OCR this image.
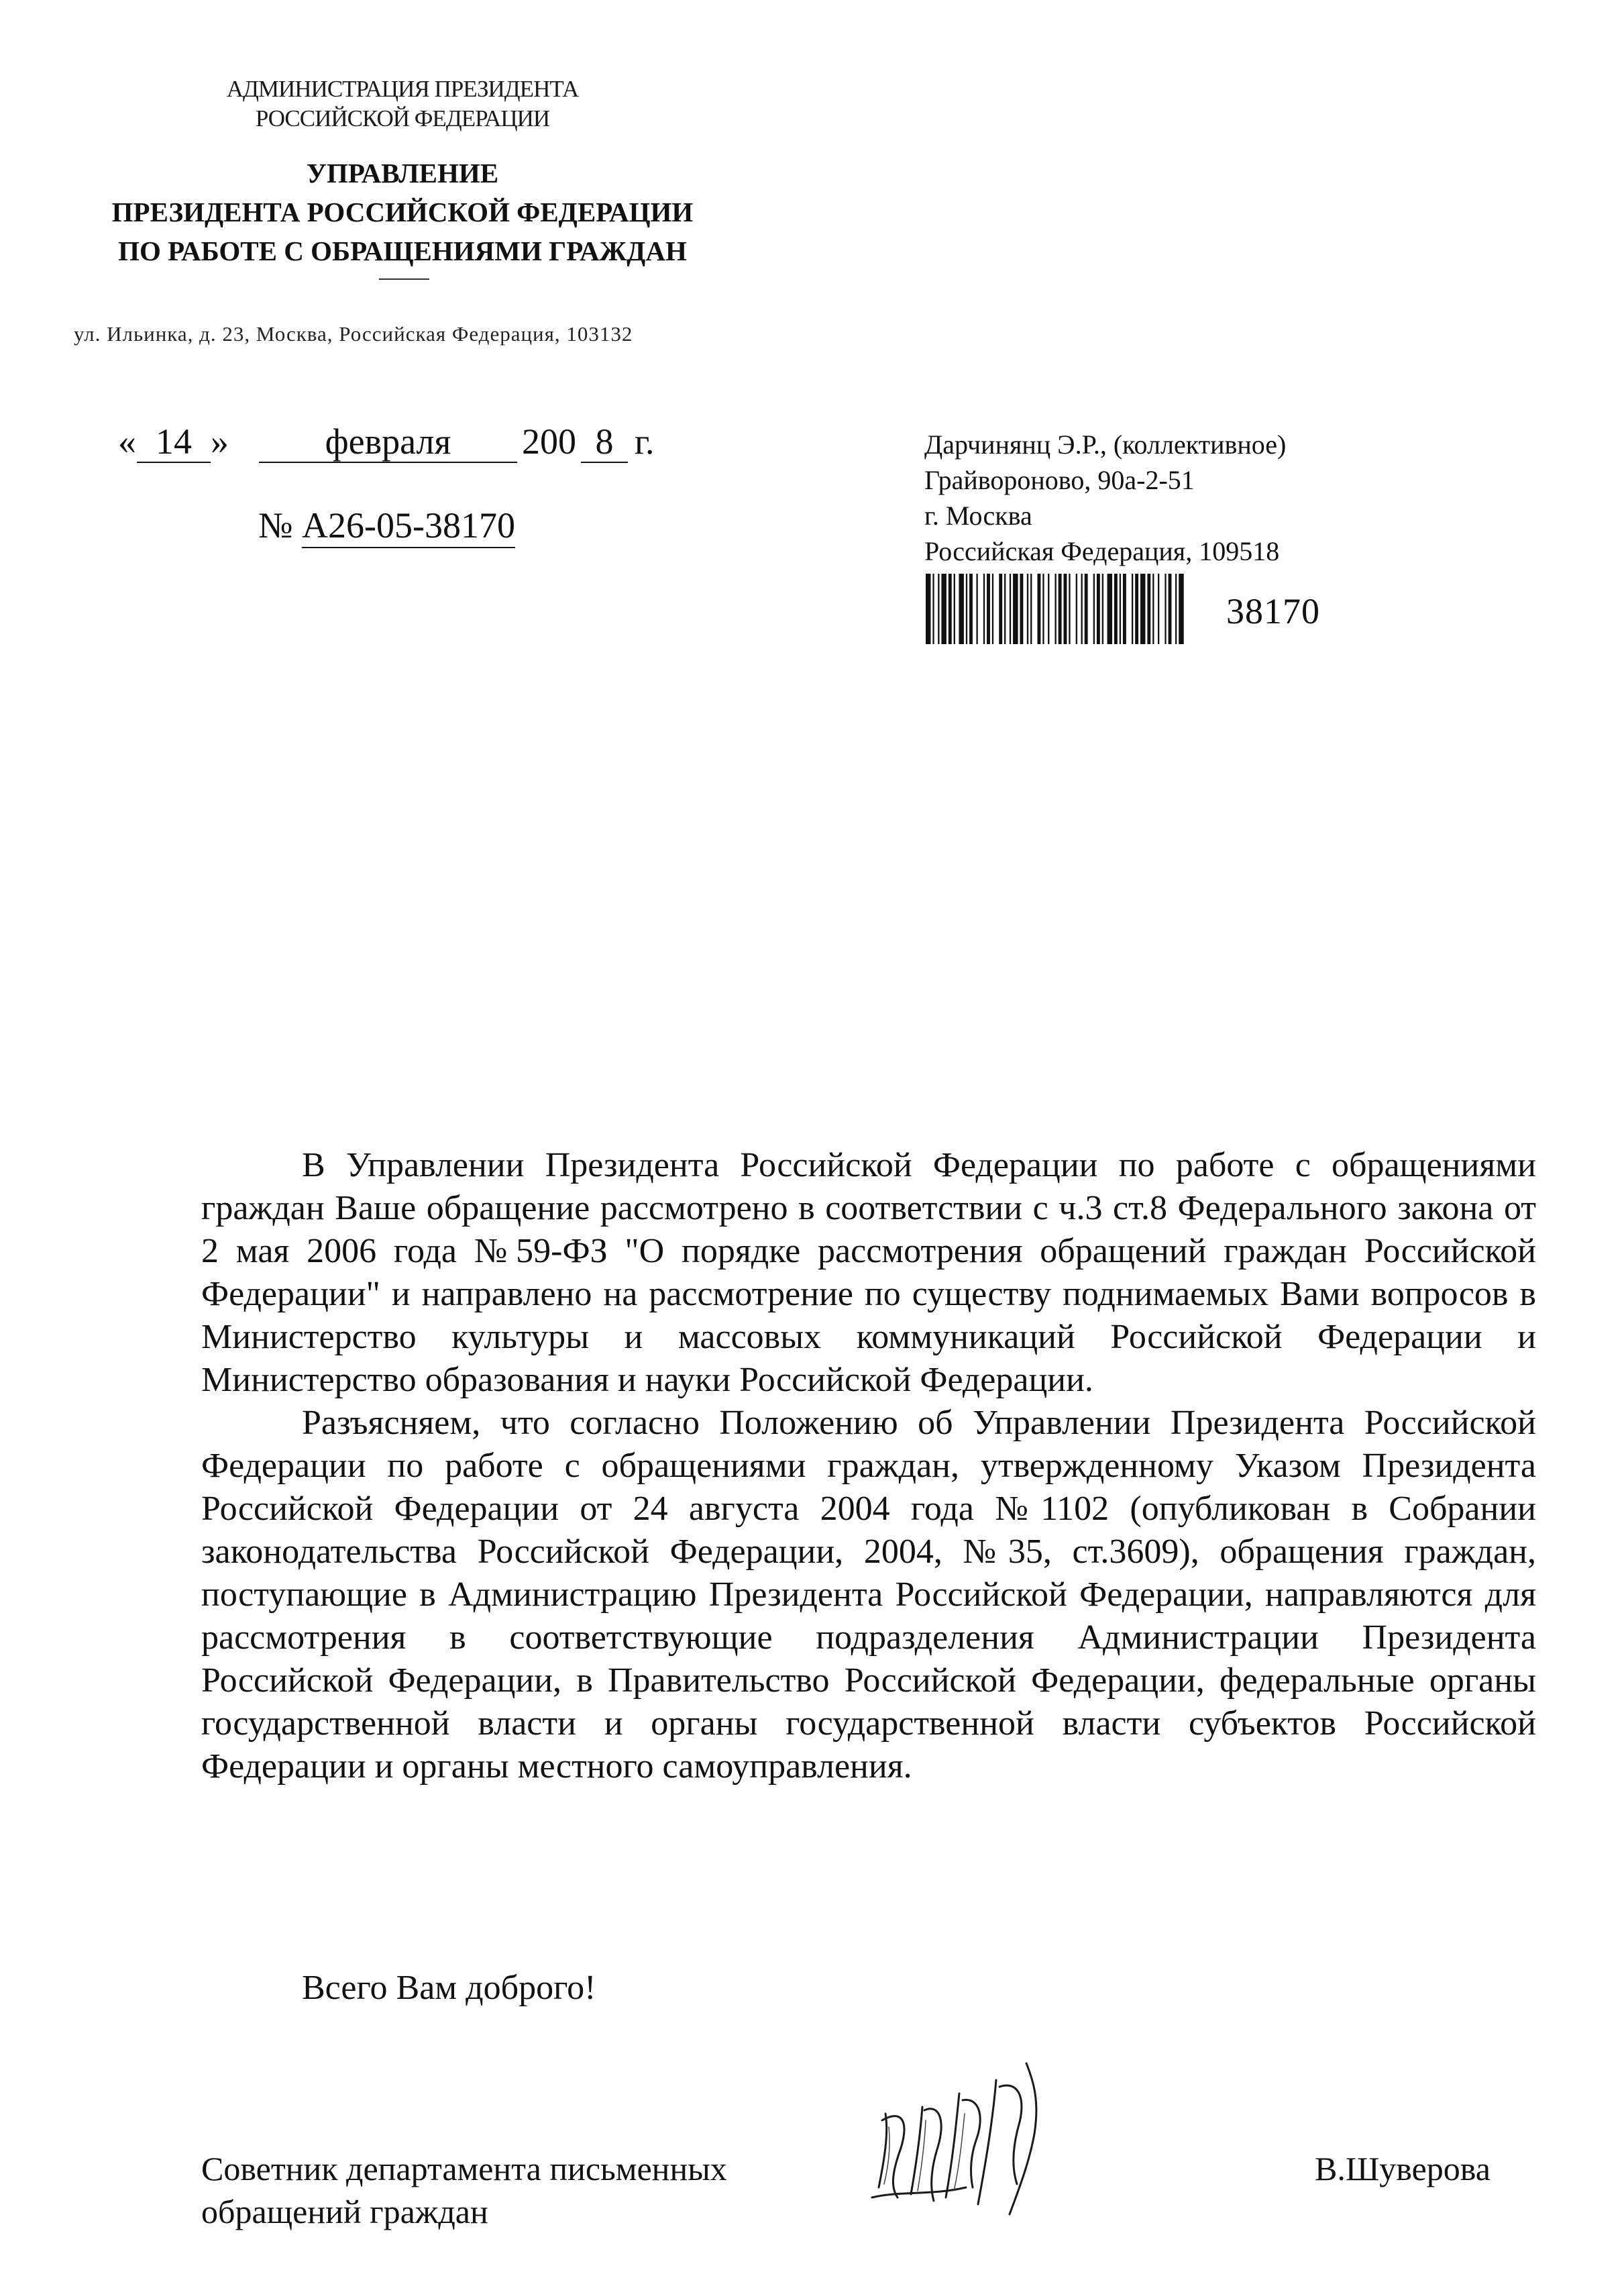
АДМИНИСТРАЦИЯ ПРЕЗИДЕНТА
РОССИЙСКОЙ ФЕДЕРАЦИИ
УПРАВЛЕНИЕ
ПРЕЗИДЕНТА РОССИЙСКОЙ ФЕДЕРАЦИИ
ПО РАБОТЕ С ОБРАЩЕНИЯМИ ГРАЖДАН
ул. Ильинка, д. 23, Москва, Российская Федерация, 103132
« 14 »	февраля	200 8 г.
№ А26-05-38170
Дарчинянц Э.Р., (коллективное)
Грайвороново, 90а-2-51
г. Москва
Российская Федерация, 109518
38170

В Управлении Президента Российской Федерации по работе с обращениями граждан Ваше обращение рассмотрено в соответствии с ч.3 ст.8 Федерального закона от 2 мая 2006 года №59-ФЗ "О порядке рассмотрения обращений граждан Российской Федерации" и направлено на рассмотрение по существу поднимаемых Вами вопросов в Министерство культуры и массовых коммуникаций Российской Федерации и Министерство образования и науки Российской Федерации.

Разъясняем, что согласно Положению об Управлении Президента Российской Федерации по работе с обращениями граждан, утвержденному Указом Президента Российской Федерации от 24 августа 2004 года №1102 (опубликован в Собрании законодательства Российской Федерации, 2004, №35, ст.3609), обращения граждан, поступающие в Администрацию Президента Российской Федерации, направляются для рассмотрения в соответствующие подразделения Администрации Президента Российской Федерации, в Правительство Российской Федерации, федеральные органы государственной власти и органы государственной власти субъектов Российской Федерации и органы местного самоуправления.

Всего Вам доброго!
Советник департамента письменных
обращений граждан
В.Шуверова
